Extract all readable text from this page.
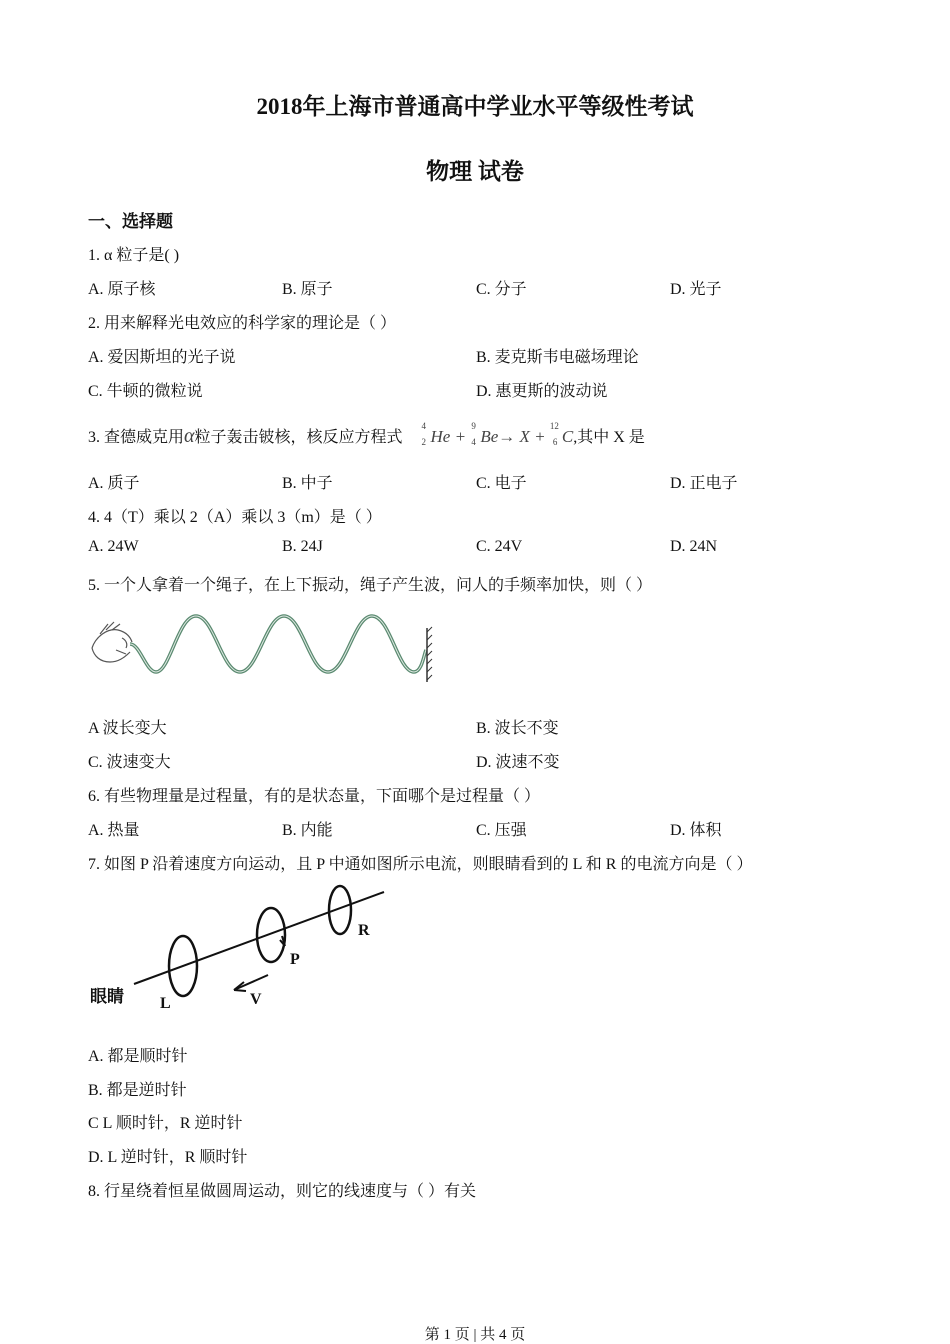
2018年上海市普通高中学业水平等级性考试
物理 试卷
一、选择题
1. α 粒子是( )
A. 原子核	B. 原子	C. 分子	D. 光子
2. 用来解释光电效应的科学家的理论是（ ）
A. 爱因斯坦的光子说	B. 麦克斯韦电磁场理论
C. 牛顿的微粒说	D. 惠更斯的波动说
3. 查德威克用α粒子轰击铍核，核反应方程式
4
2 He +
9
4 Be→ X +
12
6 C,其中 X 是
A. 质子	B. 中子	C. 电子	D. 正电子
4. 4（T）乘以 2（A）乘以 3（m）是（ ）
A. 24W	B. 24J	C. 24V	D. 24N
5. 一个人拿着一个绳子，在上下振动，绳子产生波，问人的手频率加快，则（ ）
A 波长变大	B. 波长不变
C. 波速变大	D. 波速不变
6. 有些物理量是过程量，有的是状态量，下面哪个是过程量（ ）
A. 热量	B. 内能	C. 压强	D. 体积
7. 如图 P 沿着速度方向运动，且 P 中通如图所示电流，则眼睛看到的 L 和 R 的电流方向是（ ）
眼睛 L
P
R
V
A. 都是顺时针
B. 都是逆时针
C L 顺时针，R 逆时针
D. L 逆时针，R 顺时针
8. 行星绕着恒星做圆周运动，则它的线速度与（ ）有关
第 1 页 | 共 4 页
